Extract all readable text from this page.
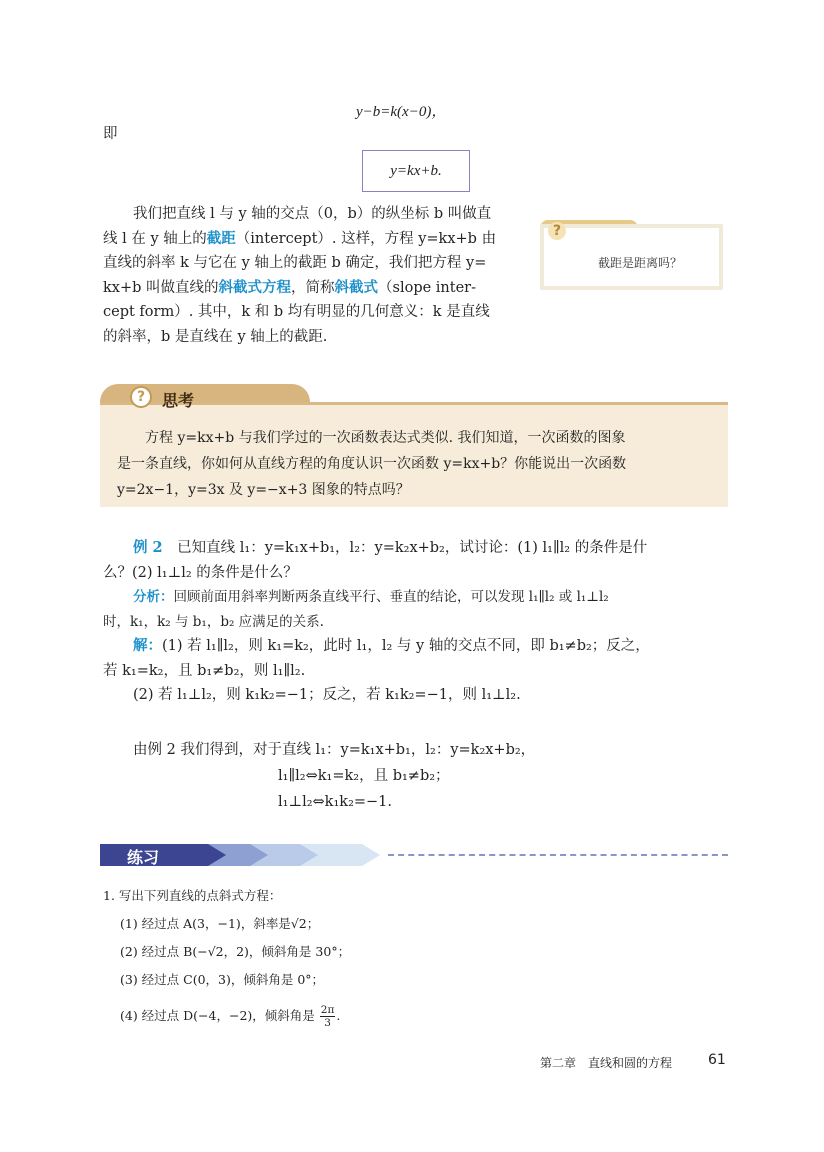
y−b=k(x−0)，
即
y=kx+b.
我们把直线 l 与 y 轴的交点（0，b）的纵坐标 b 叫做直
线 l 在 y 轴上的截距（intercept）. 这样，方程 y=kx+b 由
直线的斜率 k 与它在 y 轴上的截距 b 确定，我们把方程 y=
kx+b 叫做直线的斜截式方程，简称斜截式（slope inter-
cept form）. 其中，k 和 b 均有明显的几何意义：k 是直线
的斜率，b 是直线在 y 轴上的截距.
?
截距是距离吗？
?	思考
方程 y=kx+b 与我们学过的一次函数表达式类似. 我们知道，一次函数的图象
是一条直线，你如何从直线方程的角度认识一次函数 y=kx+b？你能说出一次函数
y=2x−1，y=3x 及 y=−x+3 图象的特点吗？
例 2　 已知直线 l₁：y=k₁x+b₁，l₂：y=k₂x+b₂，试讨论：(1) l₁∥l₂ 的条件是什
么？(2) l₁⊥l₂ 的条件是什么？
分析：回顾前面用斜率判断两条直线平行、垂直的结论，可以发现 l₁∥l₂ 或 l₁⊥l₂
时，k₁，k₂ 与 b₁，b₂ 应满足的关系.
解：(1) 若 l₁∥l₂，则 k₁=k₂，此时 l₁，l₂ 与 y 轴的交点不同，即 b₁≠b₂；反之，
若 k₁=k₂，且 b₁≠b₂，则 l₁∥l₂.
(2) 若 l₁⊥l₂，则 k₁k₂=−1；反之，若 k₁k₂=−1，则 l₁⊥l₂.
由例 2 我们得到，对于直线 l₁：y=k₁x+b₁，l₂：y=k₂x+b₂，
l₁∥l₂⇔k₁=k₂，且 b₁≠b₂；
l₁⊥l₂⇔k₁k₂=−1.
练习
1. 写出下列直线的点斜式方程：
(1) 经过点 A(3，−1)，斜率是√2；
(2) 经过点 B(−√2，2)，倾斜角是 30°；
(3) 经过点 C(0，3)，倾斜角是 0°；
(4) 经过点 D(−4，−2)，倾斜角是 $\frac{2\pi}{3}$ .
第二章　直线和圆的方程	61
